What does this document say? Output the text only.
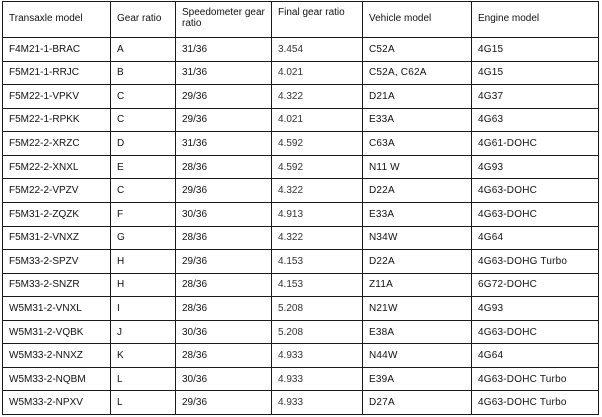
Transaxle model	Gear ratio	Speedometer gear ratio	Final gear ratio	Vehicle model	Engine model
F4M21-1-BRAC	A	31/36	3.454	C52A	4G15
F5M21-1-RRJC	B	31/36	4.021	C52A, C62A	4G15
F5M22-1-VPKV	C	29/36	4.322	D21A	4G37
F5M22-1-RPKK	C	29/36	4.021	E33A	4G63
F5M22-2-XRZC	D	31/36	4.592	C63A	4G61-DOHC
F5M22-2-XNXL	E	28/36	4.592	N11 W	4G93
F5M22-2-VPZV	C	29/36	4.322	D22A	4G63-DOHC
F5M31-2-ZQZK	F	30/36	4.913	E33A	4G63-DOHC
F5M31-2-VNXZ	G	28/36	4.322	N34W	4G64
F5M33-2-SPZV	H	29/36	4.153	D22A	4G63-DOHG Turbo
F5M33-2-SNZR	H	28/36	4.153	Z11A	6G72-DOHC
W5M31-2-VNXL	I	28/36	5.208	N21W	4G93
W5M31-2-VQBK	J	30/36	5.208	E38A	4G63-DOHC
W5M33-2-NNXZ	K	28/36	4.933	N44W	4G64
W5M33-2-NQBM	L	30/36	4.933	E39A	4G63-DOHC Turbo
W5M33-2-NPXV	L	29/36	4.933	D27A	4G63-DOHC Turbo
